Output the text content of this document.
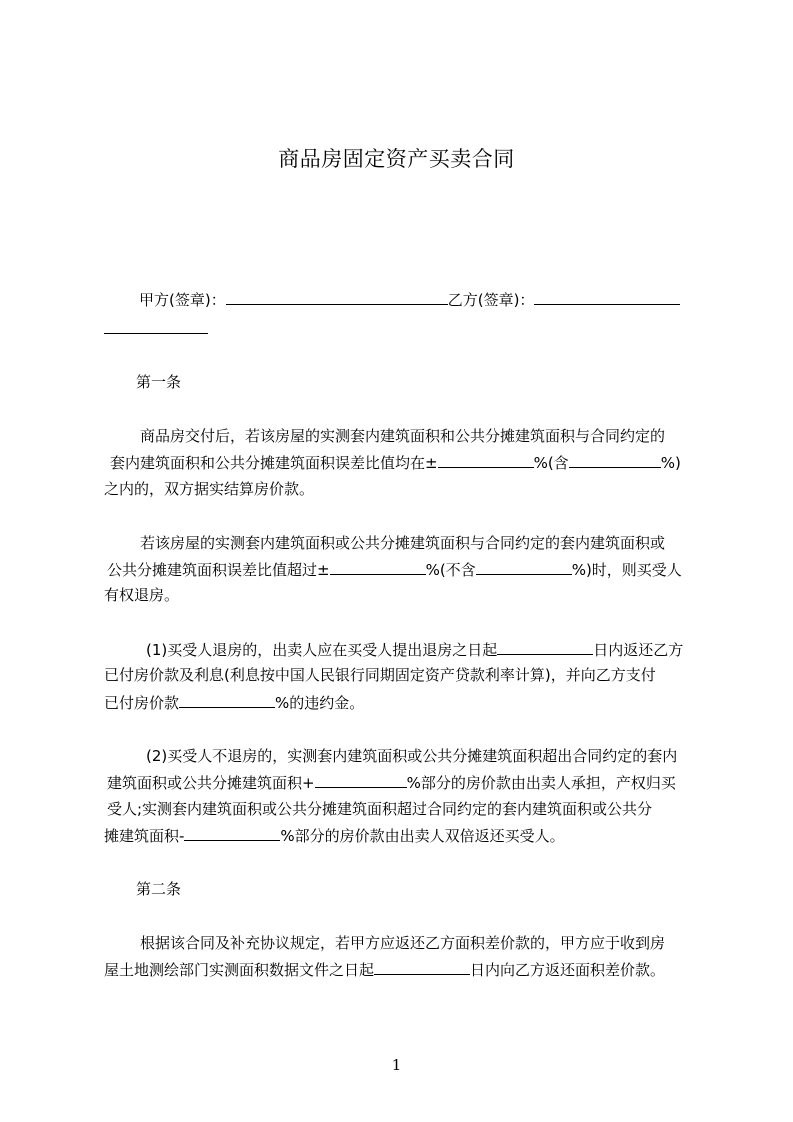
商品房固定资产买卖合同
甲方(签章)：	乙方(签章)：
第一条
商品房交付后，若该房屋的实测套内建筑面积和公共分摊建筑面积与合同约定的
套内建筑面积和公共分摊建筑面积误差比值均在±	%(含	%)
之内的，双方据实结算房价款。
若该房屋的实测套内建筑面积或公共分摊建筑面积与合同约定的套内建筑面积或
公共分摊建筑面积误差比值超过±	%(不含	%)时，则买受人
有权退房。
(1)买受人退房的，出卖人应在买受人提出退房之日起	日内返还乙方
已付房价款及利息(利息按中国人民银行同期固定资产贷款利率计算)，并向乙方支付
已付房价款	%的违约金。
(2)买受人不退房的，实测套内建筑面积或公共分摊建筑面积超出合同约定的套内
建筑面积或公共分摊建筑面积+	%部分的房价款由出卖人承担，产权归买
受人;实测套内建筑面积或公共分摊建筑面积超过合同约定的套内建筑面积或公共分
摊建筑面积-	%部分的房价款由出卖人双倍返还买受人。
第二条
根据该合同及补充协议规定，若甲方应返还乙方面积差价款的，甲方应于收到房
屋土地测绘部门实测面积数据文件之日起	日内向乙方返还面积差价款。
1
